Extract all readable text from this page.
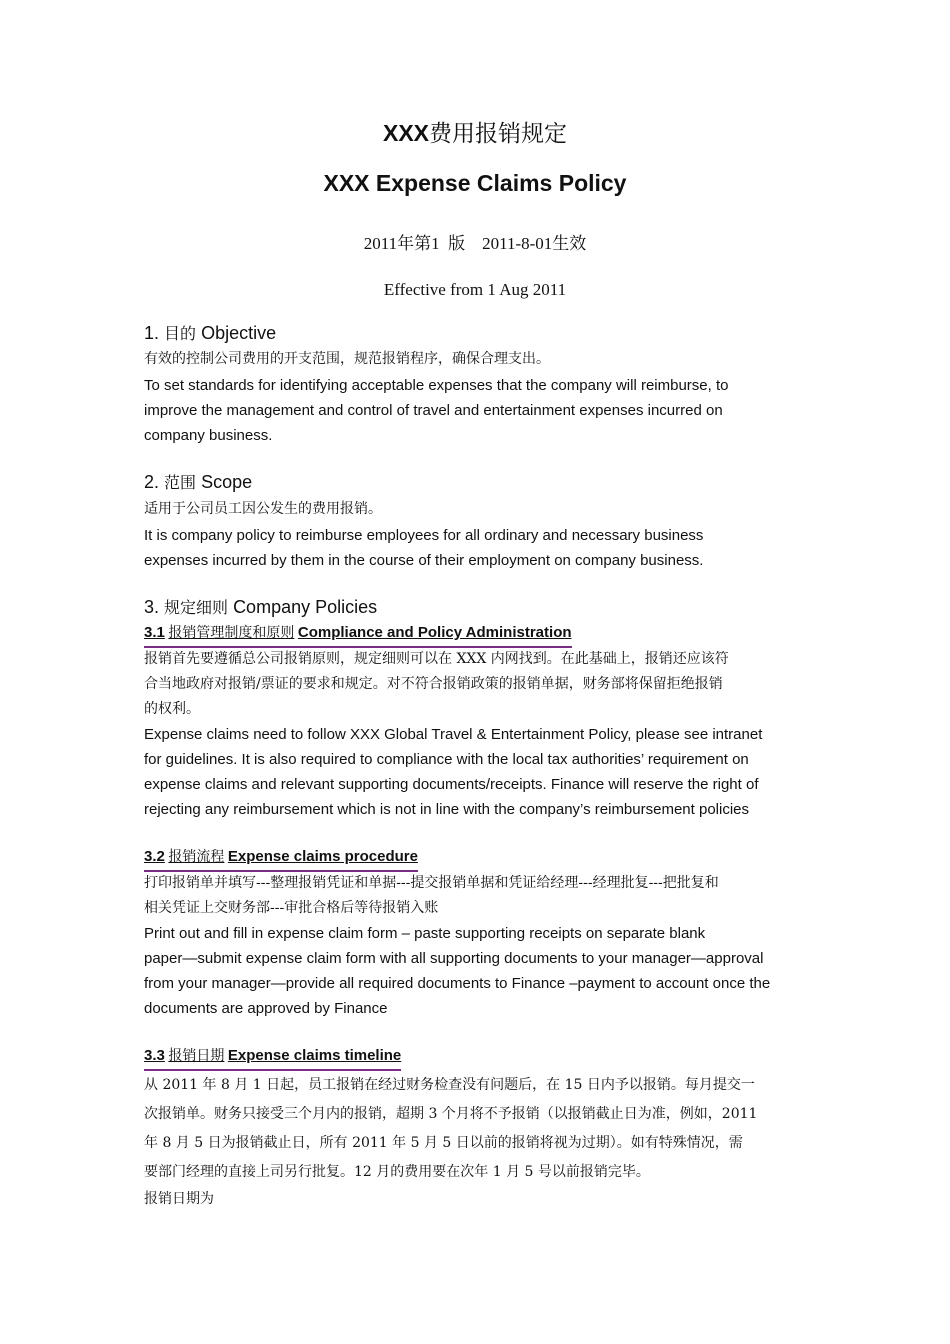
XXX费用报销规定
XXX Expense Claims Policy
2011年第1  版    2011-8-01生效
Effective from 1 Aug 2011
1. 目的 Objective
有效的控制公司费用的开支范围，规范报销程序，确保合理支出。
To set standards for identifying acceptable expenses that the company will reimburse, to
improve the management and control of travel and entertainment expenses incurred on
company business.
2. 范围 Scope
适用于公司员工因公发生的费用报销。
It is company policy to reimburse employees for all ordinary and necessary business
expenses incurred by them in the course of their employment on company business.
3. 规定细则 Company Policies
3.1 报销管理制度和原则 Compliance and Policy Administration
报销首先要遵循总公司报销原则，规定细则可以在 XXX 内网找到。在此基础上，报销还应该符
合当地政府对报销/票证的要求和规定。对不符合报销政策的报销单据，财务部将保留拒绝报销
的权利。
Expense claims need to follow XXX Global Travel & Entertainment Policy, please see intranet
for guidelines. It is also required to compliance with the local tax authorities’ requirement on
expense claims and relevant supporting documents/receipts. Finance will reserve the right of
rejecting any reimbursement which is not in line with the company’s reimbursement policies
3.2 报销流程 Expense claims procedure
打印报销单并填写---整理报销凭证和单据---提交报销单据和凭证给经理---经理批复---把批复和
相关凭证上交财务部---审批合格后等待报销入账
Print out and fill in expense claim form – paste supporting receipts on separate blank
paper—submit expense claim form with all supporting documents to your manager—approval
from your manager—provide all required documents to Finance –payment to account once the
documents are approved by Finance
3.3 报销日期 Expense claims timeline
从 2011 年 8 月 1 日起，员工报销在经过财务检查没有问题后，在 15 日内予以报销。每月提交一
次报销单。财务只接受三个月内的报销，超期 3 个月将不予报销（以报销截止日为准，例如，2011
年 8 月 5 日为报销截止日，所有 2011 年 5 月 5 日以前的报销将视为过期）。如有特殊情况，需
要部门经理的直接上司另行批复。12 月的费用要在次年 1 月 5 号以前报销完毕。
报销日期为
